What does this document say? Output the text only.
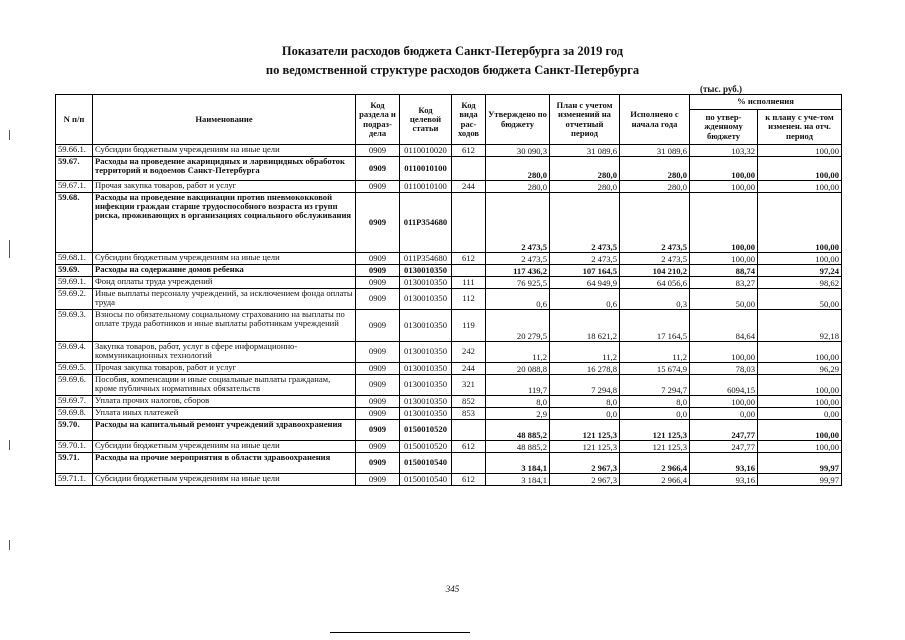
Показатели расходов бюджета Санкт-Петербурга за 2019 год
по ведомственной структуре расходов бюджета Санкт-Петербурга
(тыс. руб.)
N п/п	Наименование	Код раздела и подраз-дела	Код целевой статьи	Код вида рас-ходов	Утверждено по бюджету	План с учетом изменений на отчетный период	Исполнено с начала года	% исполнения	
								по утвер-жденному бюджету	к плану с уче-том изменен. на отч. период
59.66.1.	Субсидии бюджетным учреждениям на иные цели	0909	0110010020	612	30 090,3	31 089,6	31 089,6	103,32	100,00
59.67.	Расходы на проведение акарицидных и ларвицидных обработок территорий и водоемов Санкт-Петербурга	0909	0110010100		280,0	280,0	280,0	100,00	100,00
59.67.1.	Прочая закупка товаров, работ и услуг	0909	0110010100	244	280,0	280,0	280,0	100,00	100,00
59.68.	Расходы на проведение вакцинации против пневмококковой инфекции граждан старше трудоспособного возраста из групп риска, проживающих в организациях социального обслуживания	0909	011P354680		2 473,5	2 473,5	2 473,5	100,00	100,00
59.68.1.	Субсидии бюджетным учреждениям на иные цели	0909	011P354680	612	2 473,5	2 473,5	2 473,5	100,00	100,00
59.69.	Расходы на содержание домов ребенка	0909	0130010350		117 436,2	107 164,5	104 210,2	88,74	97,24
59.69.1.	Фонд оплаты труда учреждений	0909	0130010350	111	76 925,5	64 949,9	64 056,6	83,27	98,62
59.69.2.	Иные выплаты персоналу учреждений, за исключением фонда оплаты труда	0909	0130010350	112	0,6	0,6	0,3	50,00	50,00
59.69.3.	Взносы по обязательному социальному страхованию на выплаты по оплате труда работников и иные выплаты работникам учреждений	0909	0130010350	119	20 279,5	18 621,2	17 164,5	84,64	92,18
59.69.4.	Закупка товаров, работ, услуг в сфере информационно-коммуникационных технологий	0909	0130010350	242	11,2	11,2	11,2	100,00	100,00
59.69.5.	Прочая закупка товаров, работ и услуг	0909	0130010350	244	20 088,8	16 278,8	15 674,9	78,03	96,29
59.69.6.	Пособия, компенсации и иные социальные выплаты гражданам, кроме публичных нормативных обязательств	0909	0130010350	321	119,7	7 294,8	7 294,7	6094,15	100,00
59.69.7.	Уплата прочих налогов, сборов	0909	0130010350	852	8,0	8,0	8,0	100,00	100,00
59.69.8.	Уплата иных платежей	0909	0130010350	853	2,9	0,0	0,0	0,00	0,00
59.70.	Расходы на капитальный ремонт учреждений здравоохранения	0909	0150010520		48 885,2	121 125,3	121 125,3	247,77	100,00
59.70.1.	Субсидии бюджетным учреждениям на иные цели	0909	0150010520	612	48 885,2	121 125,3	121 125,3	247,77	100,00
59.71.	Расходы на прочие мероприятия в области здравоохранения	0909	0150010540		3 184,1	2 967,3	2 966,4	93,16	99,97
59.71.1.	Субсидии бюджетным учреждениям на иные цели	0909	0150010540	612	3 184,1	2 967,3	2 966,4	93,16	99,97
345
